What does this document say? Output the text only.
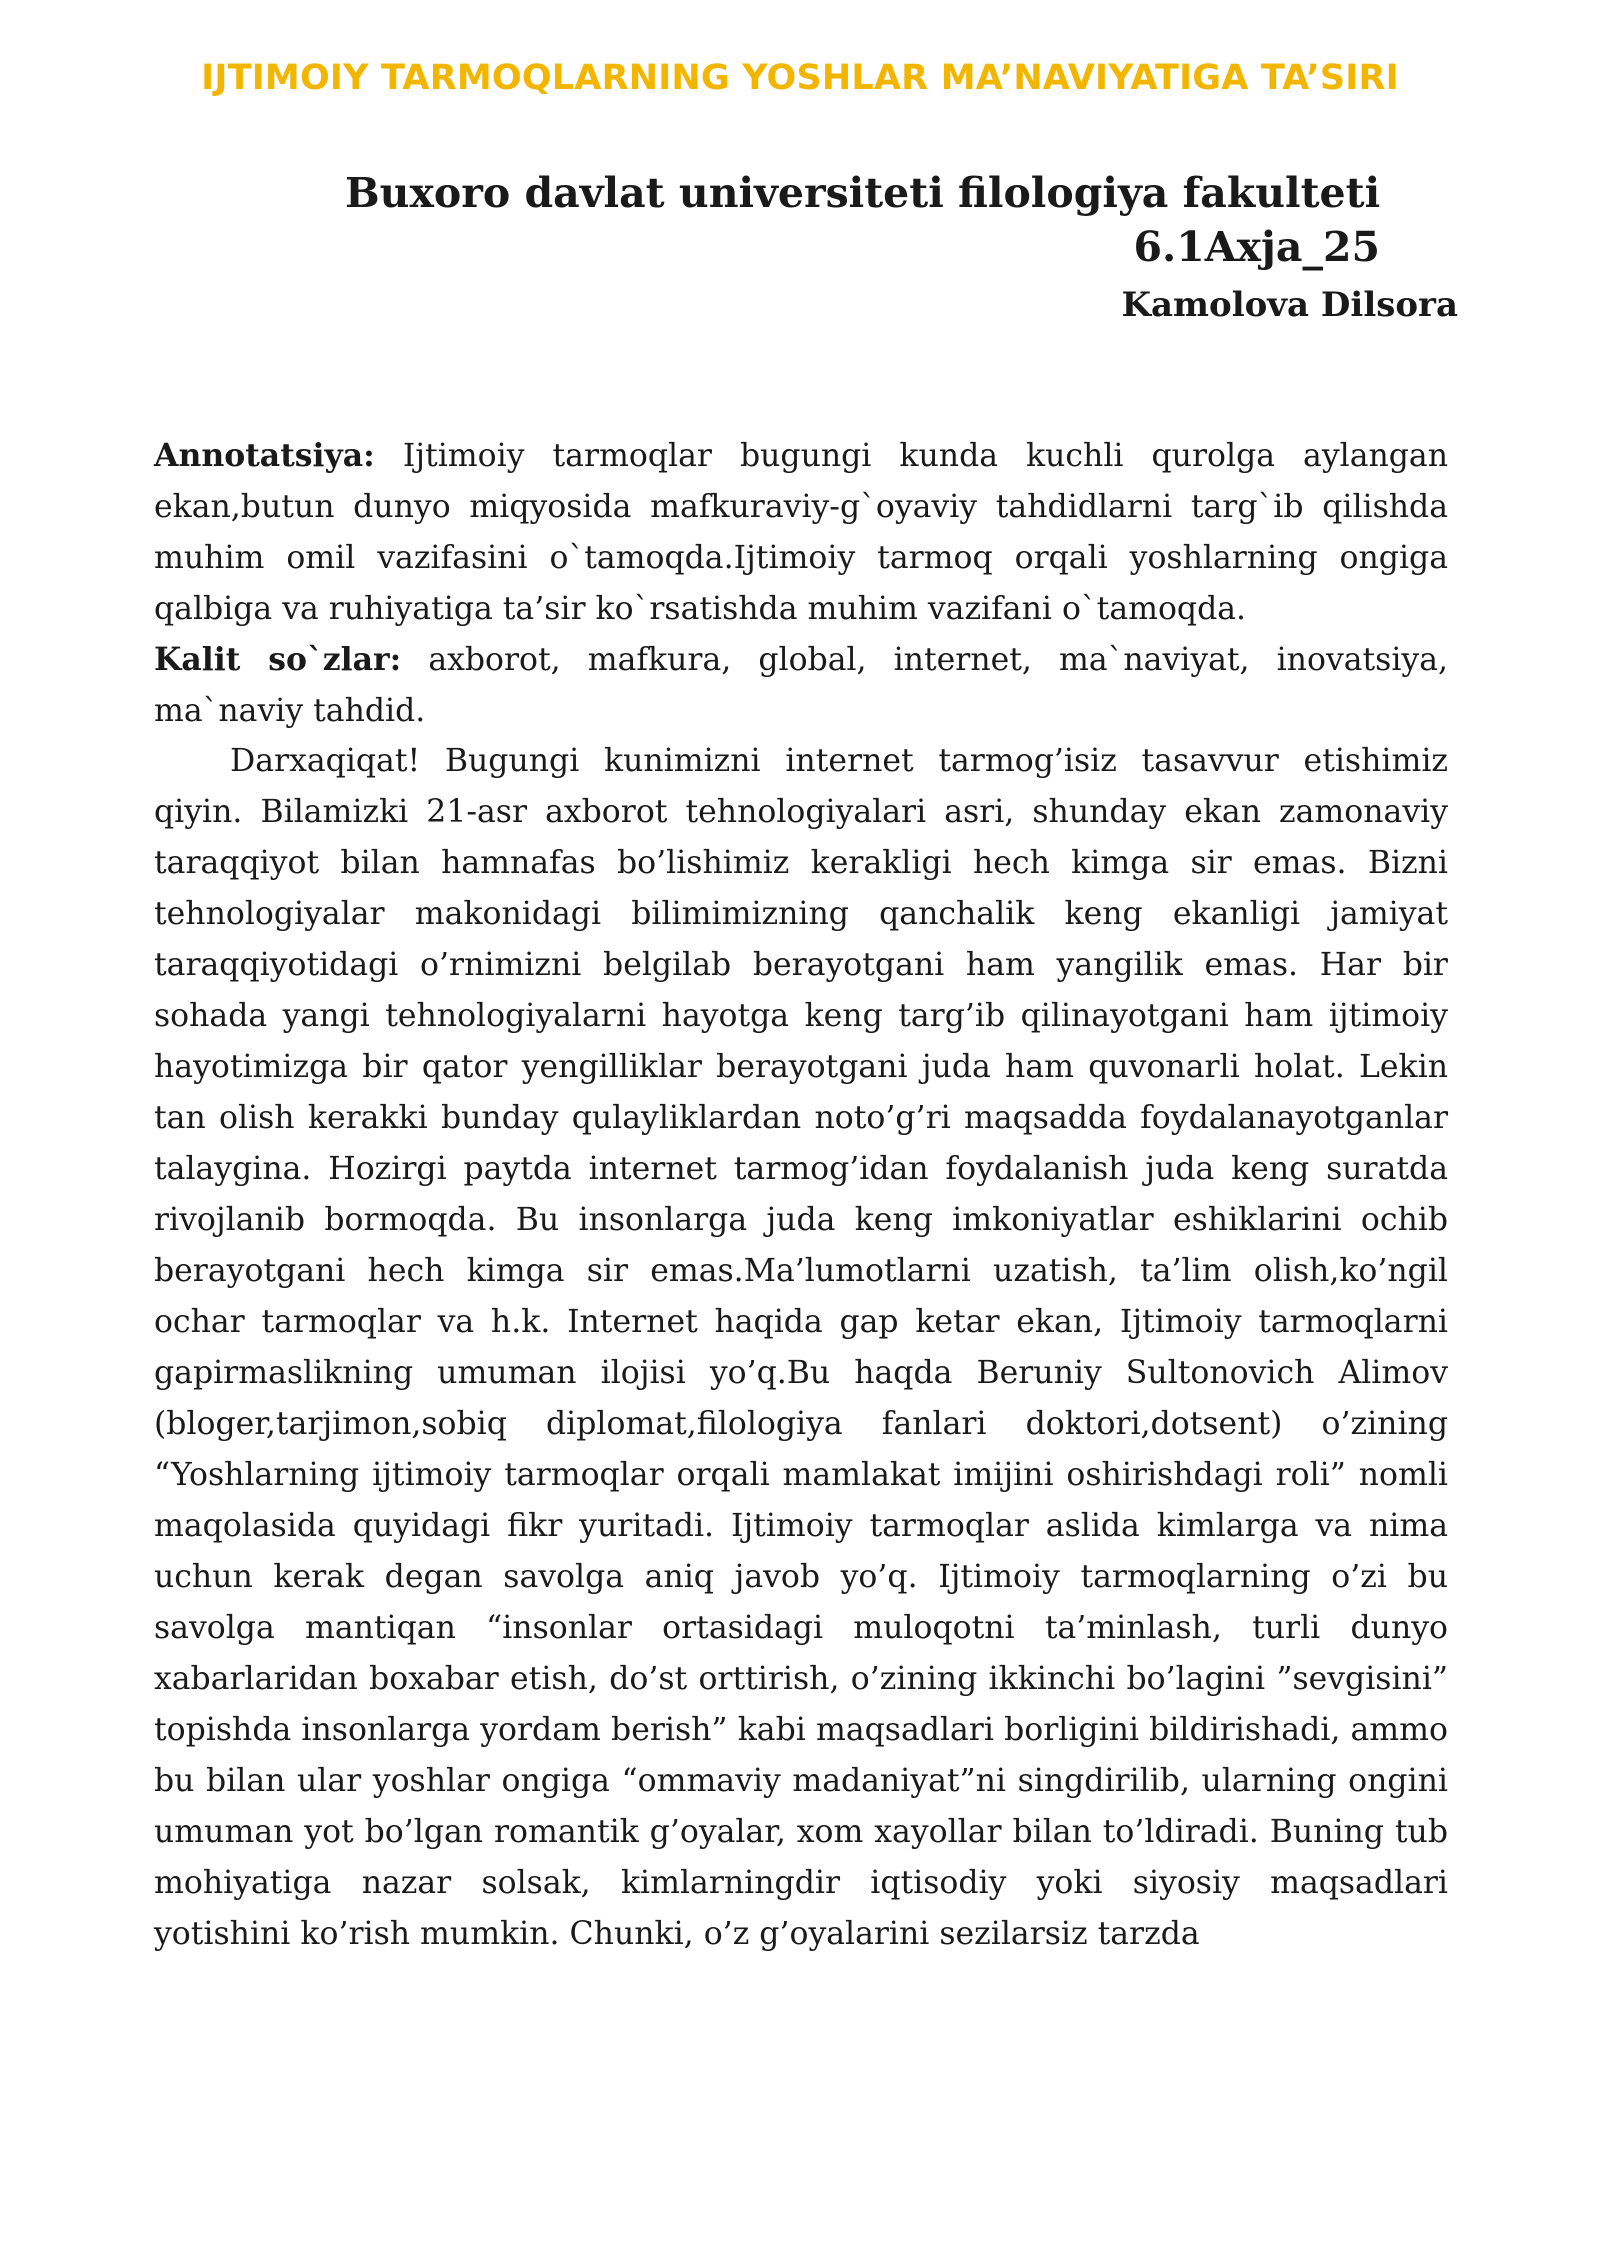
IJTIMOIY TARMOQLARNING YOSHLAR MA’NAVIYATIGA TA’SIRI
Buxoro davlat universiteti filologiya fakulteti
6.1Axja_25
Kamolova Dilsora

Annotatsiya: Ijtimoiy tarmoqlar bugungi kunda kuchli qurolga aylangan ekan,butun dunyo miqyosida mafkuraviy-g`oyaviy tahdidlarni targ`ib qilishda muhim omil vazifasini o`tamoqda.Ijtimoiy tarmoq orqali yoshlarning ongiga qalbiga va ruhiyatiga ta’sir ko`rsatishda muhim vazifani o`tamoqda.

Kalit so`zlar: axborot, mafkura, global, internet, ma`naviyat, inovatsiya, ma`naviy tahdid.

Darxaqiqat! Bugungi kunimizni internet tarmog’isiz tasavvur etishimiz qiyin. Bilamizki 21-asr axborot tehnologiyalari asri, shunday ekan zamonaviy taraqqiyot bilan hamnafas bo’lishimiz kerakligi hech kimga sir emas. Bizni tehnologiyalar makonidagi bilimimizning qanchalik keng ekanligi jamiyat taraqqiyotidagi o’rnimizni belgilab berayotgani ham yangilik emas. Har bir sohada yangi tehnologiyalarni hayotga keng targ’ib qilinayotgani ham ijtimoiy hayotimizga bir qator yengilliklar berayotgani juda ham quvonarli holat. Lekin tan olish kerakki bunday qulayliklardan noto’g’ri maqsadda foydalanayotganlar talaygina. Hozirgi paytda internet tarmog’idan foydalanish juda keng suratda rivojlanib bormoqda. Bu insonlarga juda keng imkoniyatlar eshiklarini ochib berayotgani hech kimga sir emas.Ma’lumotlarni uzatish, ta’lim olish,ko’ngil ochar tarmoqlar va h.k. Internet haqida gap ketar ekan, Ijtimoiy tarmoqlarni gapirmaslikning umuman ilojisi yo’q.Bu haqda Beruniy Sultonovich Alimov (bloger,tarjimon,sobiq diplomat,filologiya fanlari doktori,dotsent) o’zining “Yoshlarning ijtimoiy tarmoqlar orqali mamlakat imijini oshirishdagi roli” nomli maqolasida quyidagi fikr yuritadi. Ijtimoiy tarmoqlar aslida kimlarga va nima uchun kerak degan savolga aniq javob yo’q. Ijtimoiy tarmoqlarning o’zi bu savolga mantiqan “insonlar ortasidagi muloqotni ta’minlash, turli dunyo xabarlaridan boxabar etish, do’st orttirish, o’zining ikkinchi bo’lagini ”sevgisini” topishda insonlarga yordam berish” kabi maqsadlari borligini bildirishadi, ammo bu bilan ular yoshlar ongiga “ommaviy madaniyat”ni singdirilib, ularning ongini umuman yot bo’lgan romantik g’oyalar, xom xayollar bilan to’ldiradi. Buning tub mohiyatiga nazar solsak, kimlarningdir iqtisodiy yoki siyosiy maqsadlari yotishini ko’rish mumkin. Chunki, o’z g’oyalarini sezilarsiz tarzda
